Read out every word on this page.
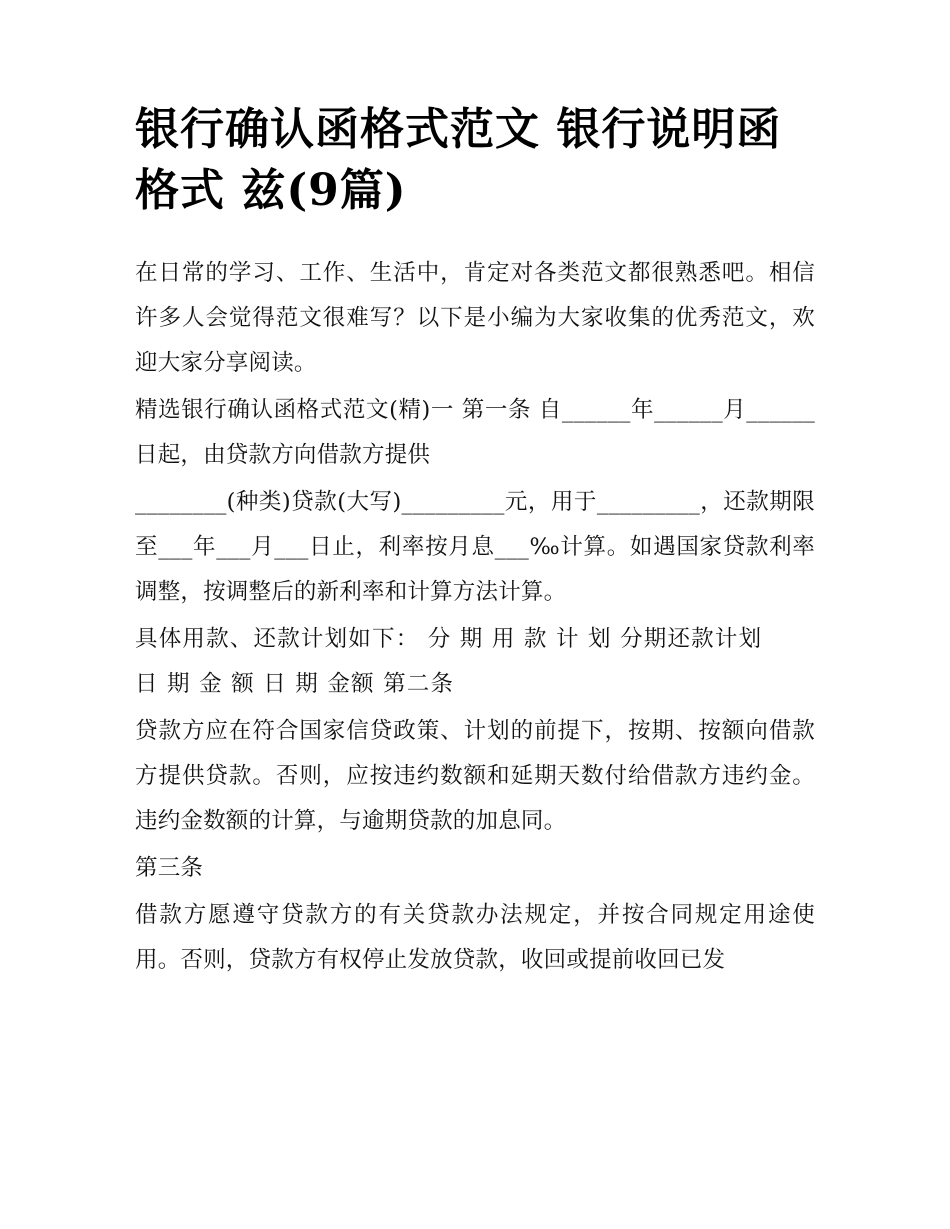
银行确认函格式范文 银行说明函格式 兹(9篇)

在日常的学习、工作、生活中，肯定对各类范文都很熟悉吧。相信许多人会觉得范文很难写？以下是小编为大家收集的优秀范文，欢迎大家分享阅读。

精选银行确认函格式范文(精)一 第一条 自______年______月______日起，由贷款方向借款方提供

________(种类)贷款(大写)_________元，用于_________，还款期限至___年___月___日止，利率按月息___‰计算。如遇国家贷款利率调整，按调整后的新利率和计算方法计算。

具体用款、还款计划如下： 分 期 用 款 计 划 分期还款计划

日 期 金 额 日 期 金额 第二条

贷款方应在符合国家信贷政策、计划的前提下，按期、按额向借款方提供贷款。否则，应按违约数额和延期天数付给借款方违约金。违约金数额的计算，与逾期贷款的加息同。

第三条

借款方愿遵守贷款方的有关贷款办法规定，并按合同规定用途使用。否则，贷款方有权停止发放贷款，收回或提前收回已发
